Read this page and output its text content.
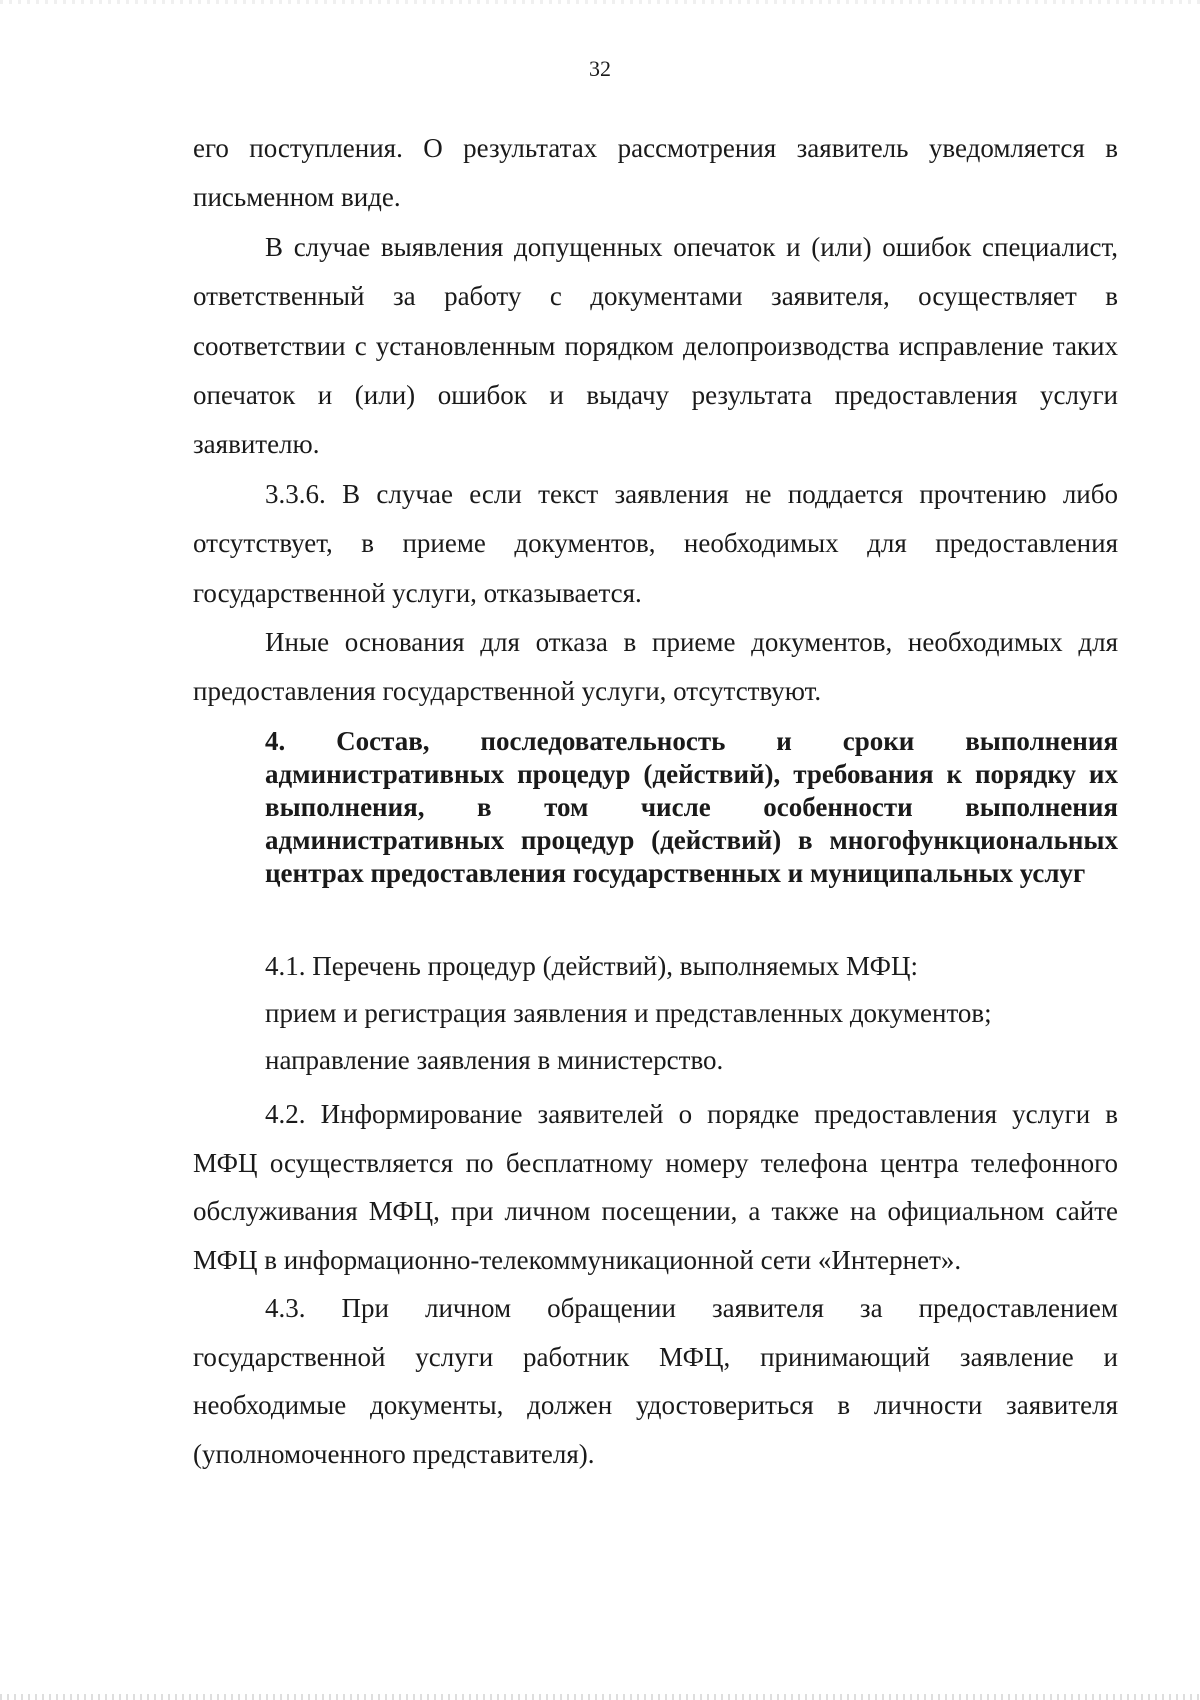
32

его поступления. О результатах рассмотрения заявитель уведомляется в письменном виде.

В случае выявления допущенных опечаток и (или) ошибок специалист, ответственный за работу с документами заявителя, осуществляет в соответствии с установленным порядком делопроизводства исправление таких опечаток и (или) ошибок и выдачу результата предоставления услуги заявителю.

3.3.6. В случае если текст заявления не поддается прочтению либо отсутствует, в приеме документов, необходимых для предоставления государственной услуги, отказывается.

Иные основания для отказа в приеме документов, необходимых для предоставления государственной услуги, отсутствуют.

4. Состав, последовательность и сроки выполнения административных процедур (действий), требования к порядку их выполнения, в том числе особенности выполнения административных процедур (действий) в многофункциональных центрах предоставления государственных и муниципальных услуг

4.1. Перечень процедур (действий), выполняемых МФЦ:

прием и регистрация заявления и представленных документов;

направление заявления в министерство.

4.2. Информирование заявителей о порядке предоставления услуги в МФЦ осуществляется по бесплатному номеру телефона центра телефонного обслуживания МФЦ, при личном посещении, а также на официальном сайте МФЦ в информационно-телекоммуникационной сети «Интернет».

4.3. При личном обращении заявителя за предоставлением государственной услуги работник МФЦ, принимающий заявление и необходимые документы, должен удостовериться в личности заявителя (уполномоченного представителя).
